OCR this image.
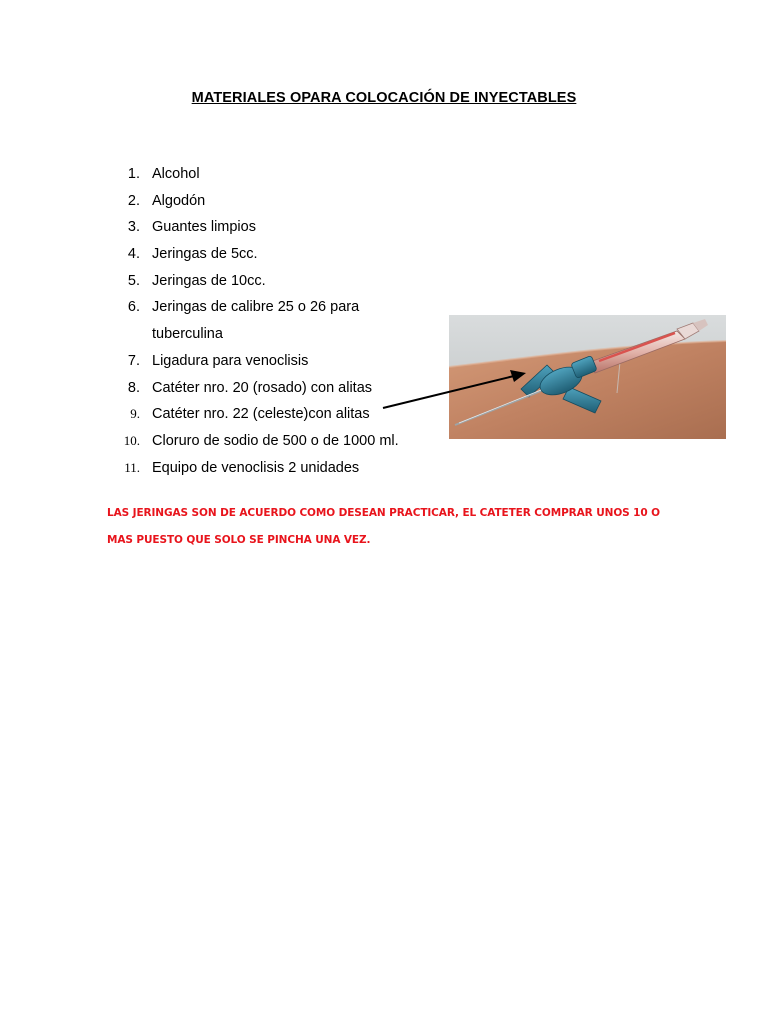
MATERIALES OPARA COLOCACIÓN DE INYECTABLES
1. Alcohol
2. Algodón
3. Guantes limpios
4. Jeringas de 5cc.
5. Jeringas de 10cc.
6. Jeringas de calibre 25 o 26 para
tuberculina
7. Ligadura para venoclisis
8. Catéter nro. 20 (rosado) con alitas
9. Catéter nro. 22 (celeste)con alitas
10. Cloruro de sodio de 500 o de 1000 ml.
11. Equipo de venoclisis 2 unidades
LAS JERINGAS SON DE ACUERDO COMO DESEAN PRACTICAR, EL CATETER COMPRAR UNOS 10 O MAS PUESTO QUE SOLO SE PINCHA UNA VEZ.
